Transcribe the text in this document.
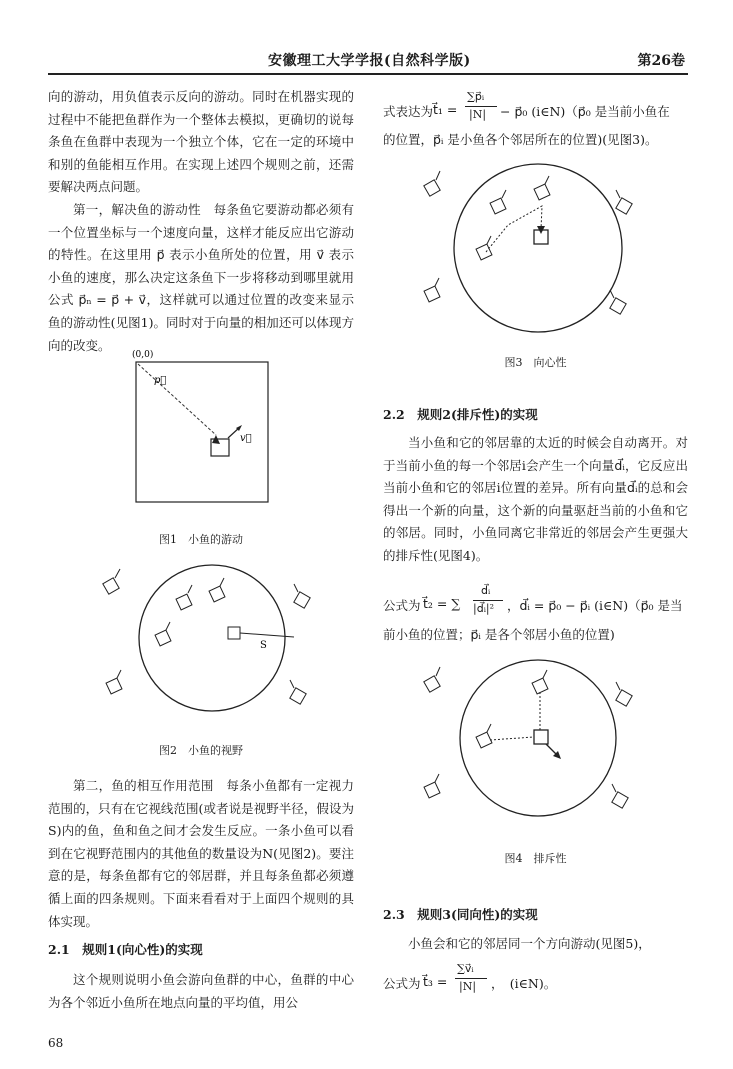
安徽理工大学学报(自然科学版)	第26卷

向的游动，用负值表示反向的游动。同时在机器实现的过程中不能把鱼群作为一个整体去模拟，更确切的说每条鱼在鱼群中表现为一个独立个体，它在一定的环境中和别的鱼能相互作用。在实现上述四个规则之前，还需要解决两点问题。

第一，解决鱼的游动性　每条鱼它要游动都必须有一个位置坐标与一个速度向量，这样才能反应出它游动的特性。在这里用 p⃗ 表示小鱼所处的位置，用 v⃗ 表示小鱼的速度，那么决定这条鱼下一步将移动到哪里就用公式 p⃗ₙ = p⃗ + v⃗，这样就可以通过位置的改变来显示鱼的游动性(见图1)。同时对于向量的相加还可以体现方向的改变。

(0,0)
p⃗
v⃗
图1　小鱼的游动
S
图2　小鱼的视野

第二，鱼的相互作用范围　每条小鱼都有一定视力范围的，只有在它视线范围(或者说是视野半径，假设为S)内的鱼，鱼和鱼之间才会发生反应。一条小鱼可以看到在它视野范围内的其他鱼的数量设为N(见图2)。要注意的是，每条鱼都有它的邻居群，并且每条鱼都必须遵循上面的四条规则。下面来看看对于上面四个规则的具体实现。

2.1　规则1(向心性)的实现

这个规则说明小鱼会游向鱼群的中心，鱼群的中心为各个邻近小鱼所在地点向量的平均值，用公

式表达为 t⃗₁ =
∑p⃗ᵢ
|N| − p⃗₀ (i∈N)（p⃗₀ 是当前小鱼在
的位置，p⃗ᵢ 是小鱼各个邻居所在的位置)(见图3)。
图3　向心性
2.2　规则2(排斥性)的实现

当小鱼和它的邻居靠的太近的时候会自动离开。对于当前小鱼的每一个邻居i会产生一个向量d⃗ᵢ，它反应出当前小鱼和它的邻居i位置的差异。所有向量d⃗ᵢ的总和会得出一个新的向量，这个新的向量驱赶当前的小鱼和它的邻居。同时，小鱼同离它非常近的邻居会产生更强大的排斥性(见图4)。

公式为 t⃗₂ = ∑
d⃗ᵢ
|d⃗ᵢ|² ，d⃗ᵢ = p⃗₀ − p⃗ᵢ (i∈N)（p⃗₀ 是当
前小鱼的位置；p⃗ᵢ 是各个邻居小鱼的位置)
图4　排斥性
2.3　规则3(同向性)的实现

小鱼会和它的邻居同一个方向游动(见图5)，

公式为 t⃗₃ =
∑v⃗ᵢ
|N| ，　(i∈N)。
68
